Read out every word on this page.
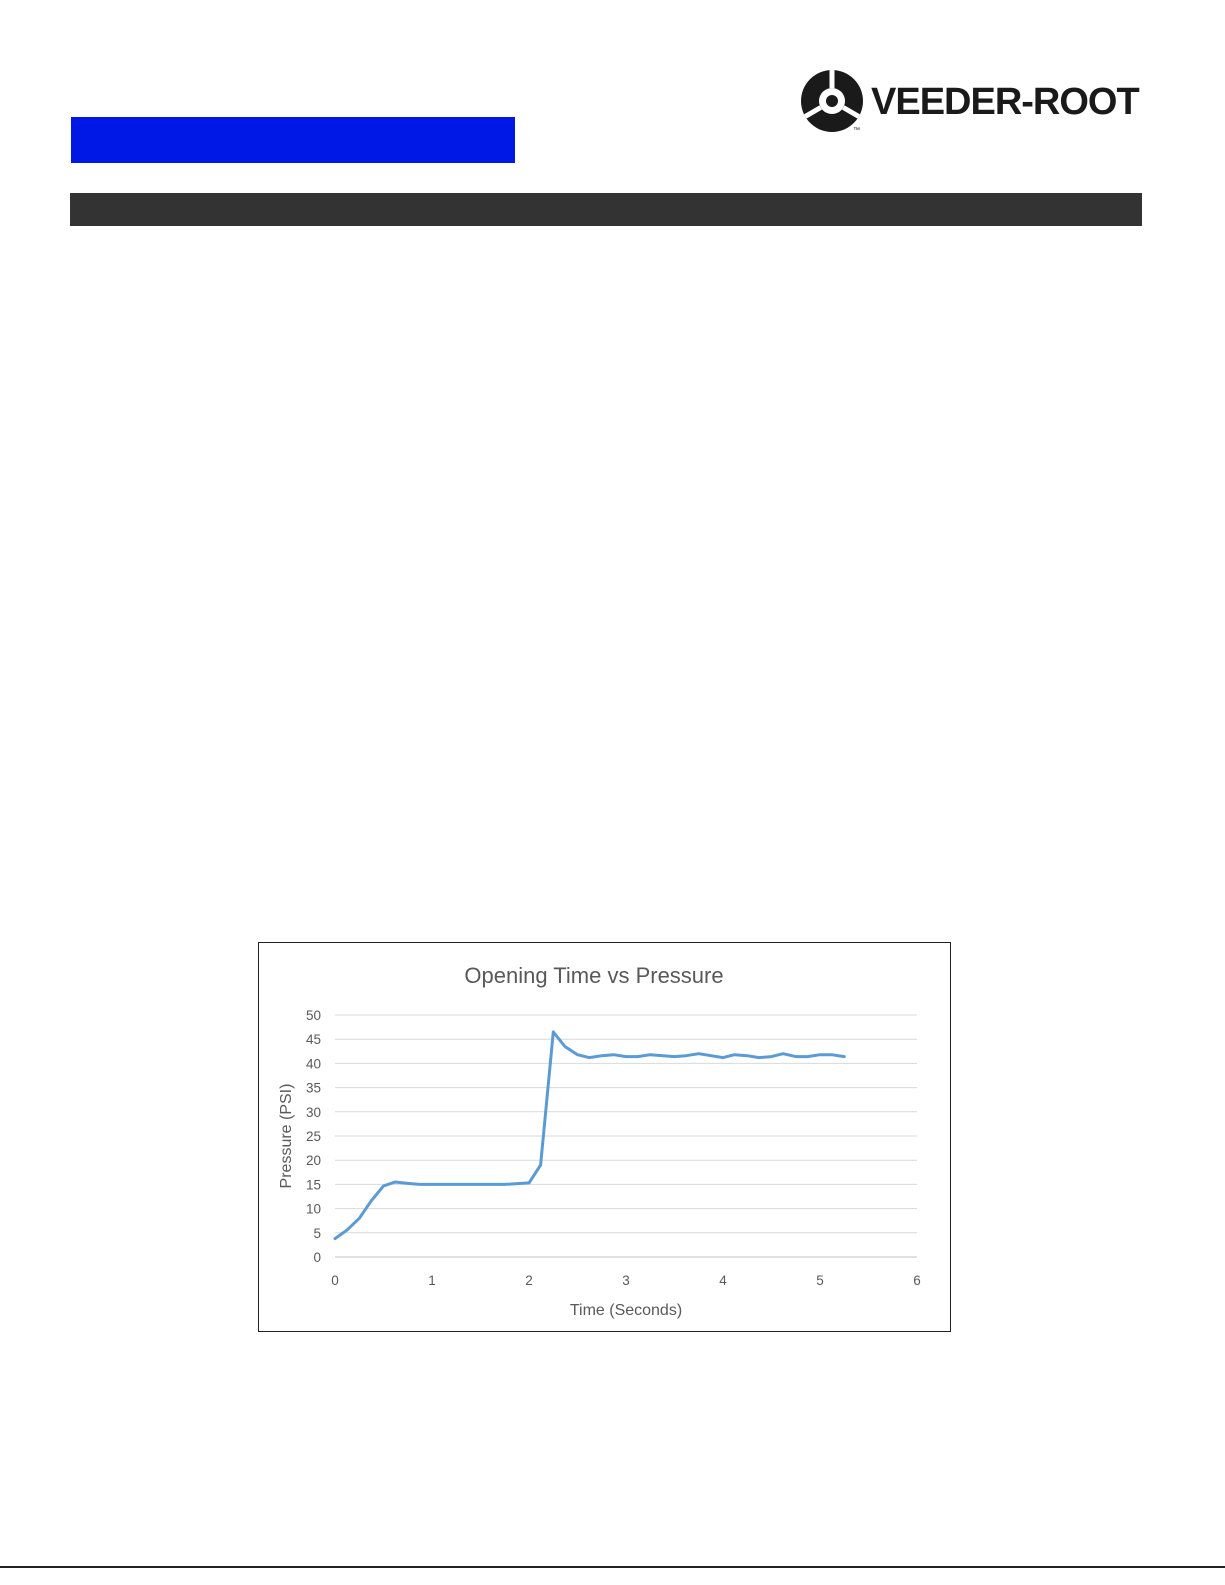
VEEDER-ROOT
™
Opening Time vs Pressure
0
5
10
15
20
25
30
35
40
45
50
0	1	2	3	4	5	6
Time (Seconds)
Pressure (PSI)
